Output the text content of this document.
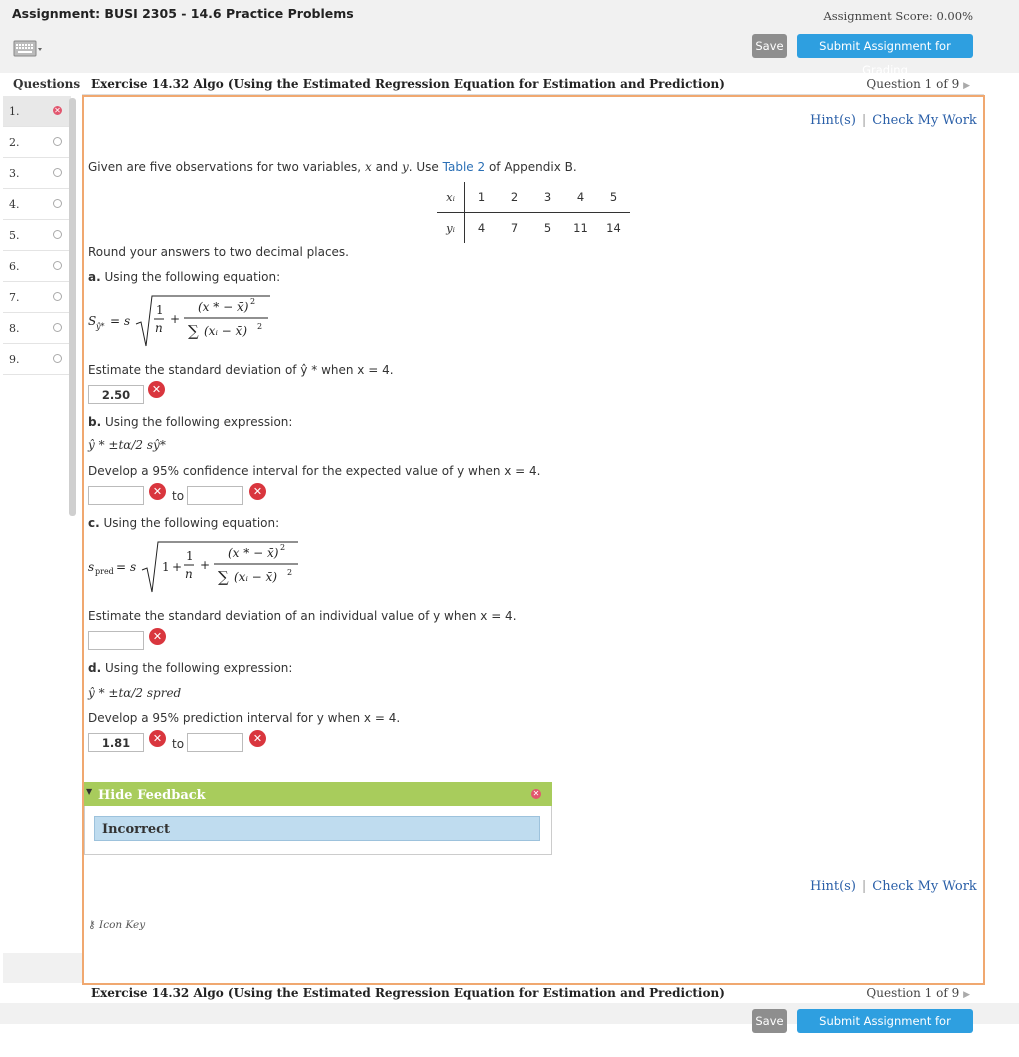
Assignment: BUSI 2305 - 14.6 Practice Problems	Assignment Score: 0.00%
Save	Submit Assignment for Grading
Questions
1.	✕
2.
3.
4.
5.
6.
7.
8.
9.
Exercise 14.32 Algo (Using the Estimated Regression Equation for Estimation and Prediction)	Question 1 of 9 ▶
Hint(s) | Check My Work
Given are five observations for two variables, x and y. Use Table 2 of Appendix B.
xᵢ	1	2	3	4	5
yᵢ	4	7	5	11	14
Round your answers to two decimal places.
a. Using the following equation:
S ŷ* = s
1
n
+
(x * − x̄) 2
∑ (xᵢ − x̄) 2
Estimate the standard deviation of ŷ * when x = 4.
2.50	✕
b. Using the following expression:
ŷ * ±tα/2 sŷ*
Develop a 95% confidence interval for the expected value of y when x = 4.
✕ to	✕
c. Using the following equation:
s pred = s 1 +
1
n
+
(x * − x̄) 2
∑ (xᵢ − x̄) 2
Estimate the standard deviation of an individual value of y when x = 4.
✕
d. Using the following expression:
ŷ * ±tα/2 spred
Develop a 95% prediction interval for y when x = 4.
1.81	✕ to	✕
▼ Hide Feedback	✕
Incorrect
Hint(s) | Check My Work
⚷ Icon Key
Exercise 14.32 Algo (Using the Estimated Regression Equation for Estimation and Prediction)	Question 1 of 9 ▶
Save	Submit Assignment for Grading
